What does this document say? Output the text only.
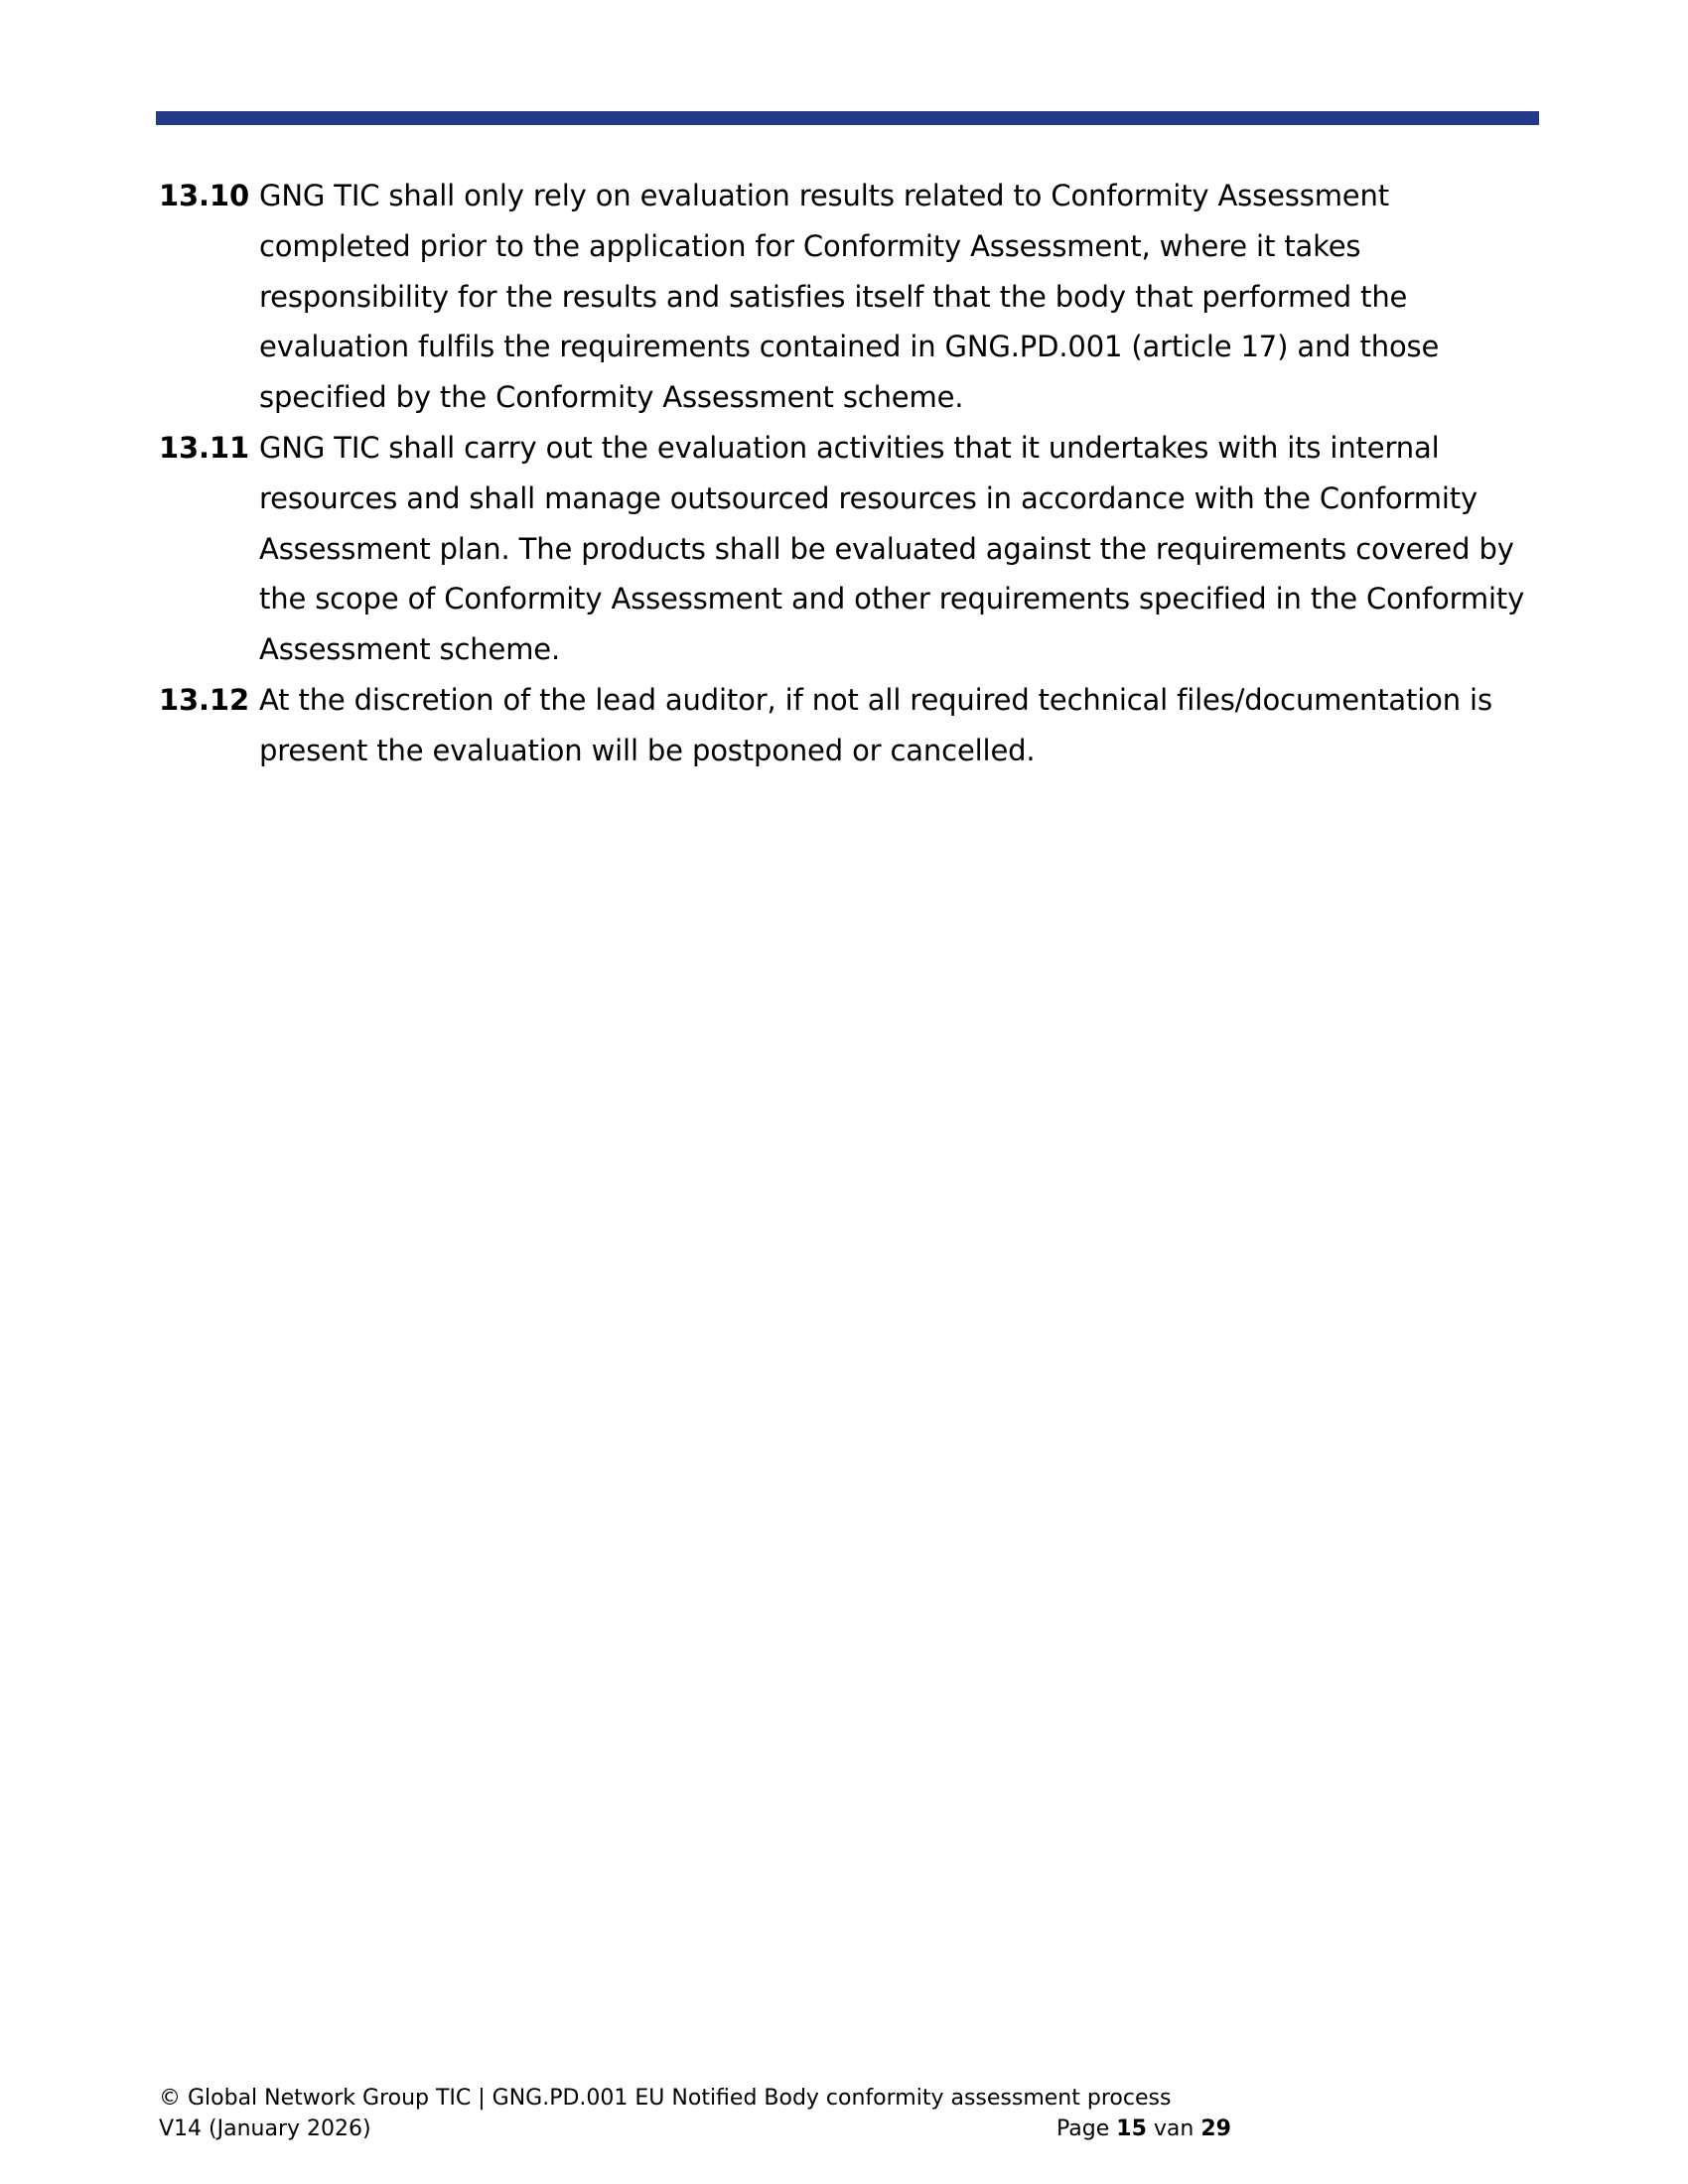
13.10 GNG TIC shall only rely on evaluation results related to Conformity Assessment completed prior to the application for Conformity Assessment, where it takes responsibility for the results and satisfies itself that the body that performed the evaluation fulfils the requirements contained in GNG.PD.001 (article 17) and those specified by the Conformity Assessment scheme.
13.11 GNG TIC shall carry out the evaluation activities that it undertakes with its internal resources and shall manage outsourced resources in accordance with the Conformity Assessment plan. The products shall be evaluated against the requirements covered by the scope of Conformity Assessment and other requirements specified in the Conformity Assessment scheme.
13.12 At the discretion of the lead auditor, if not all required technical files/documentation is present the evaluation will be postponed or cancelled.
© Global Network Group TIC | GNG.PD.001 EU Notified Body conformity assessment process
V14 (January 2026)	Page 15 van 29
